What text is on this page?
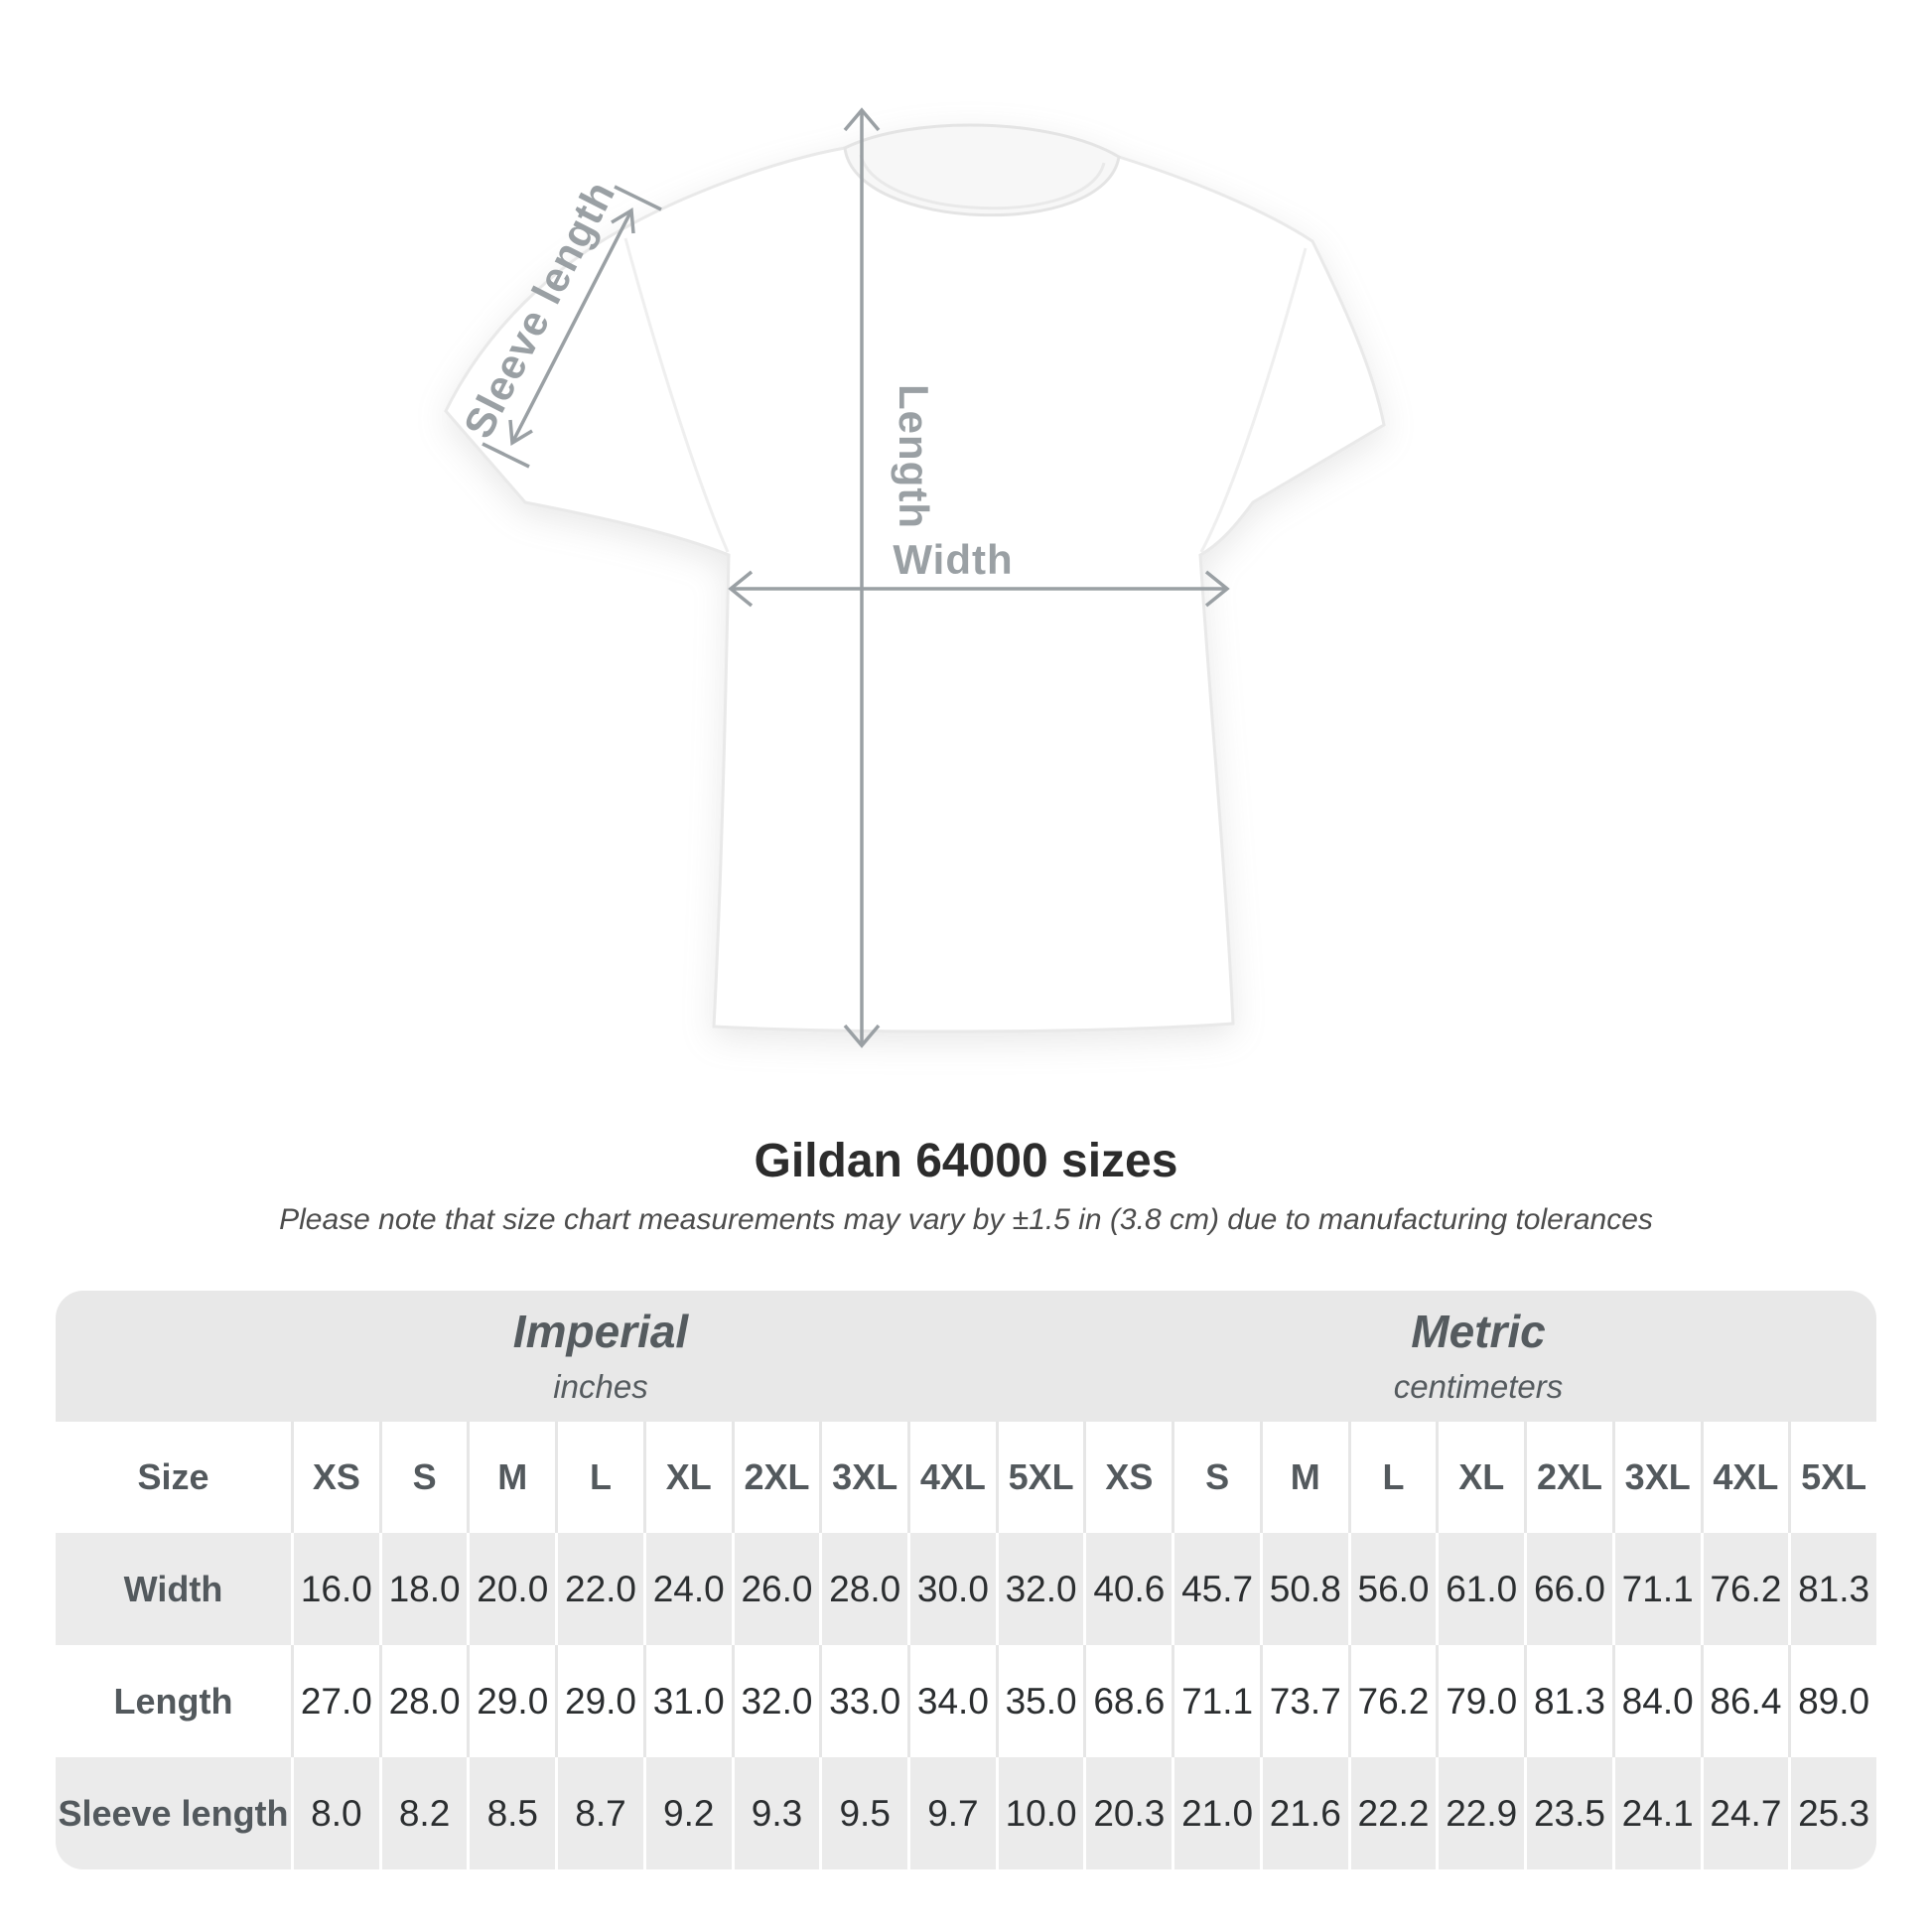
Length
Width
Sleeve length
Gildan 64000 sizes
Please note that size chart measurements may vary by ±1.5 in (3.8 cm) due to manufacturing tolerances
Imperial
inches
Metric
centimeters
Size	XS	S	M	L	XL 2XL 3XL 4XL 5XL XS	S	M	L	XL 2XL 3XL 4XL 5XL
Width	16.0 18.0 20.0 22.0 24.0 26.0 28.0 30.0 32.0 40.6 45.7 50.8 56.0 61.0 66.0 71.1 76.2 81.3
Length	27.0 28.0 29.0 29.0 31.0 32.0 33.0 34.0 35.0 68.6 71.1 73.7 76.2 79.0 81.3 84.0 86.4 89.0
Sleeve length 8.0	8.2	8.5	8.7	9.2	9.3	9.5	9.7 10.0 20.3 21.0 21.6 22.2 22.9 23.5 24.1 24.7 25.3
